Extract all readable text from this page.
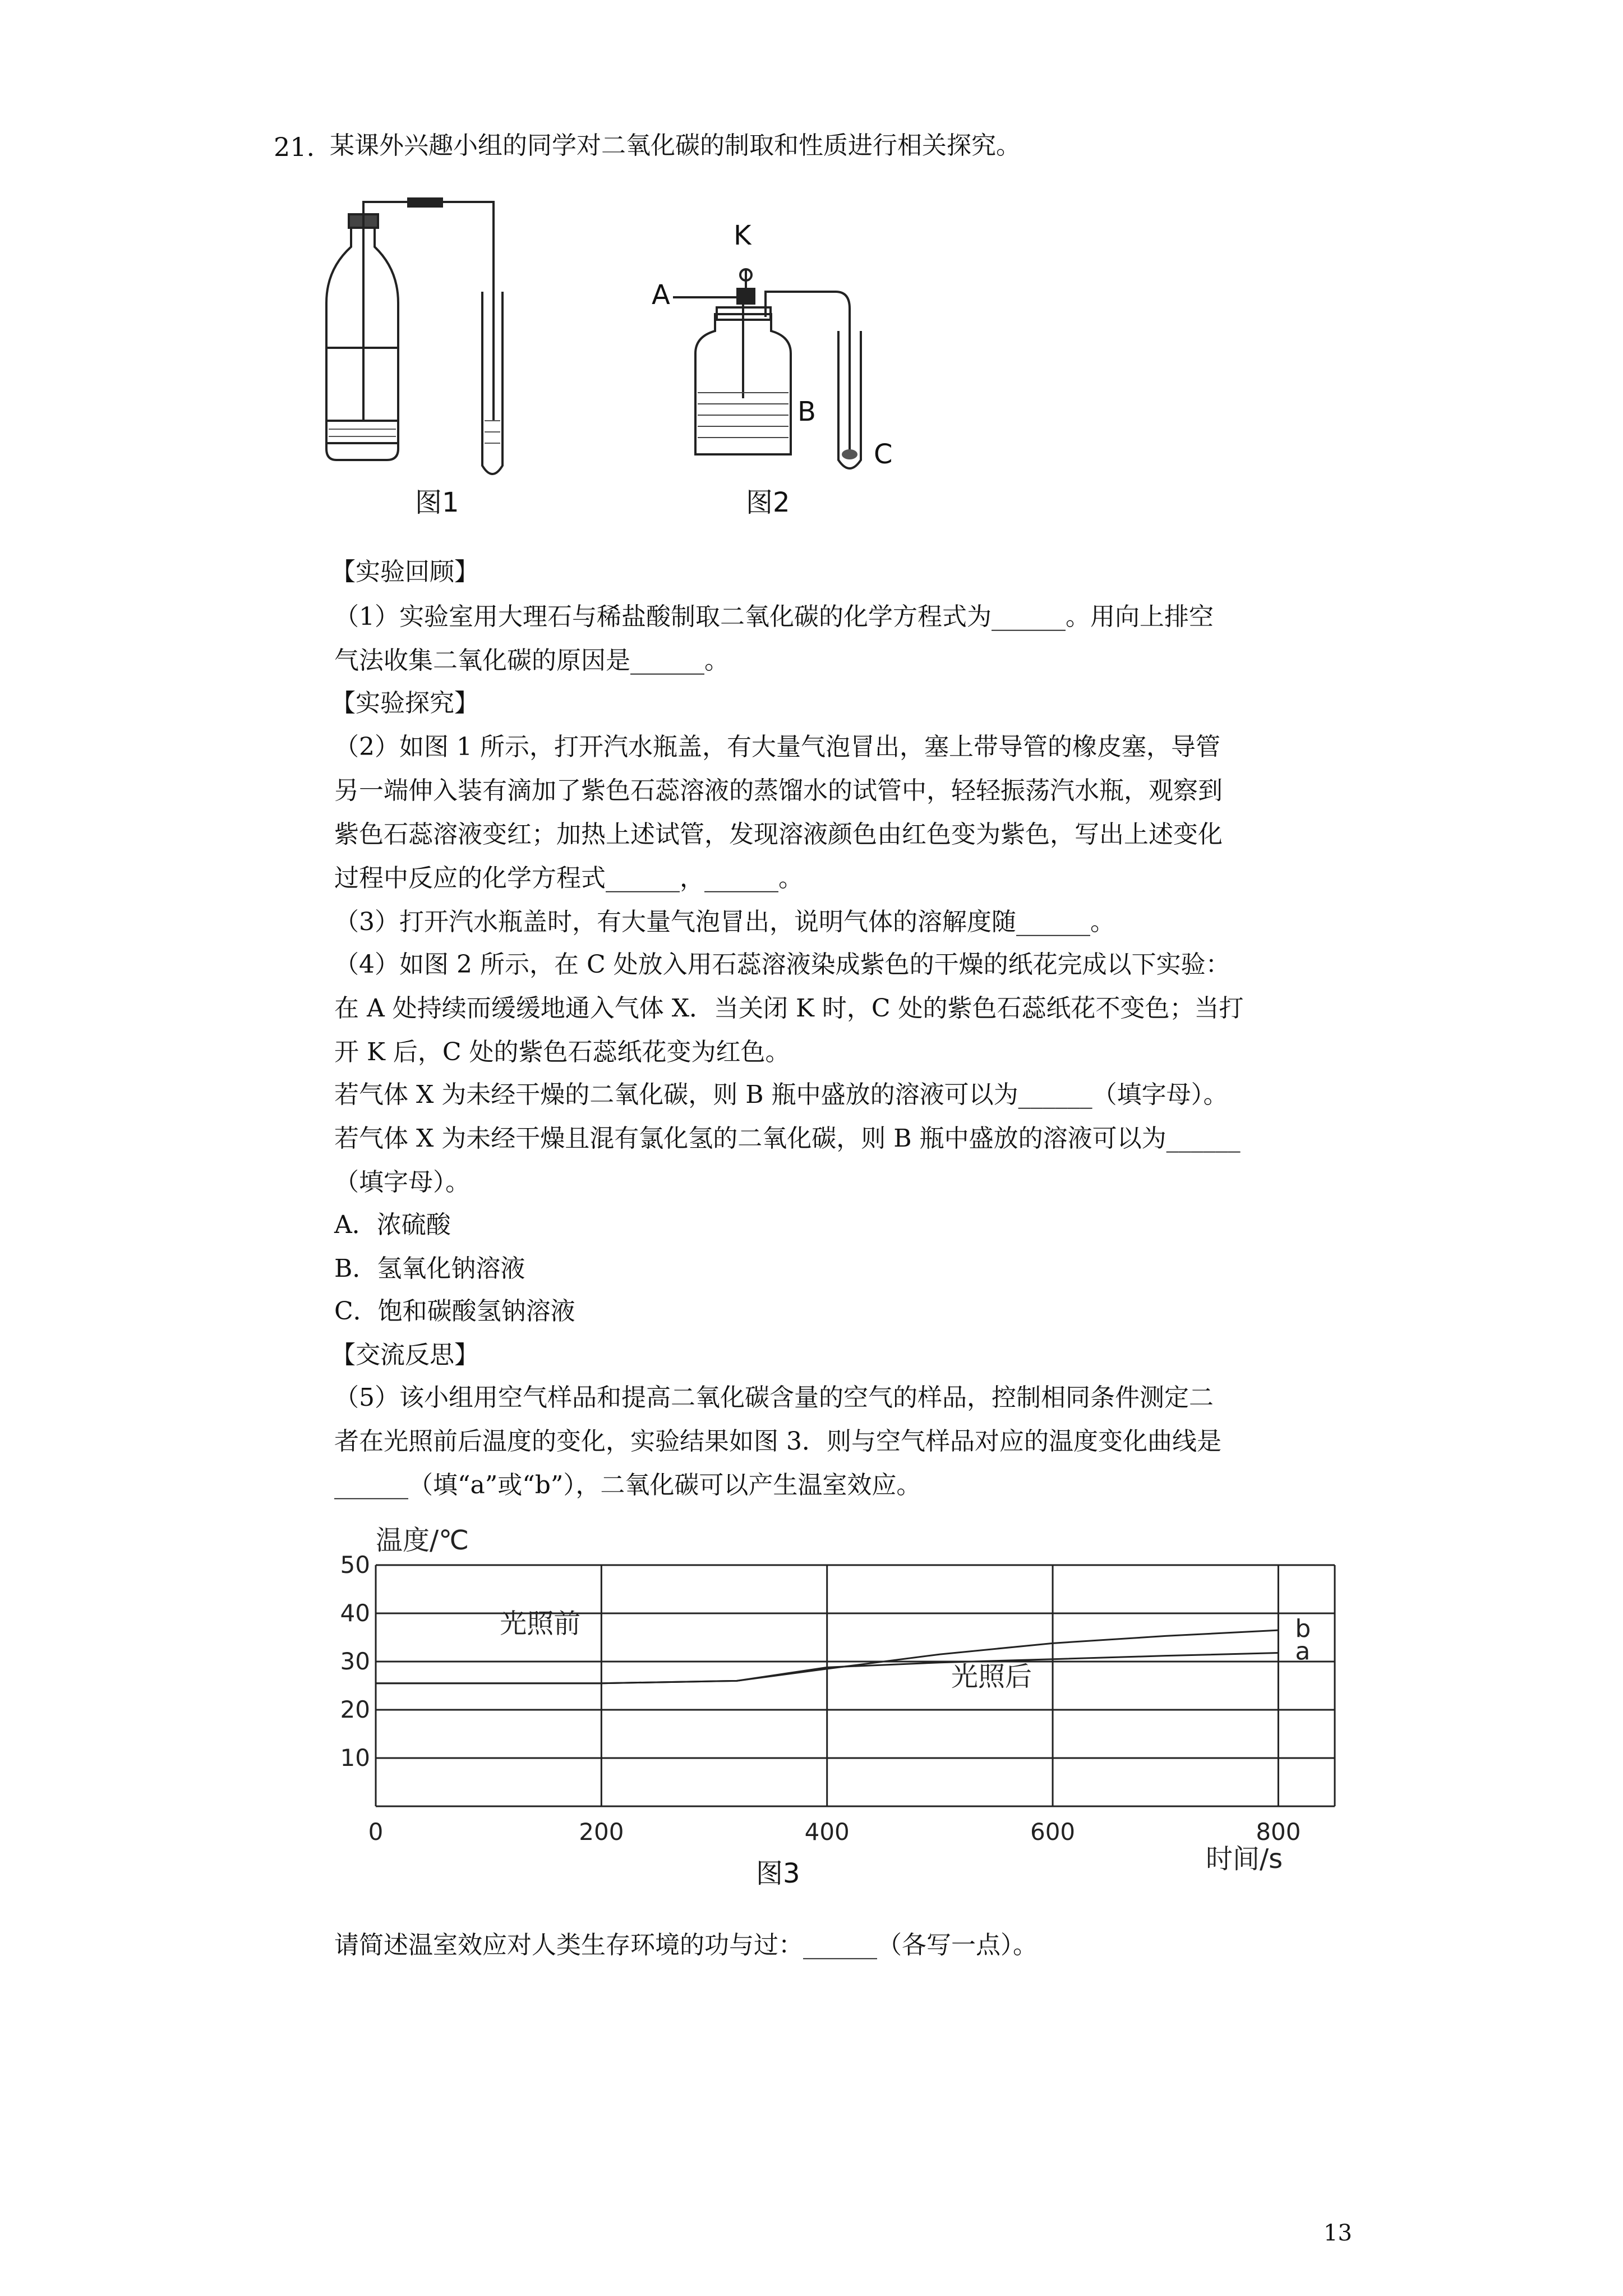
21. 某课外兴趣小组的同学对二氧化碳的制取和性质进行相关探究。
图1
K
A
B
C
图2
【实验回顾】
（1）实验室用大理石与稀盐酸制取二氧化碳的化学方程式为______。用向上排空
气法收集二氧化碳的原因是______。
【实验探究】
（2）如图 1 所示，打开汽水瓶盖，有大量气泡冒出，塞上带导管的橡皮塞，导管
另一端伸入装有滴加了紫色石蕊溶液的蒸馏水的试管中，轻轻振荡汽水瓶，观察到
紫色石蕊溶液变红；加热上述试管，发现溶液颜色由红色变为紫色，写出上述变化
过程中反应的化学方程式______，______。
（3）打开汽水瓶盖时，有大量气泡冒出，说明气体的溶解度随______。
（4）如图 2 所示，在 C 处放入用石蕊溶液染成紫色的干燥的纸花完成以下实验：
在 A 处持续而缓缓地通入气体 X．当关闭 K 时，C 处的紫色石蕊纸花不变色；当打
开 K 后，C 处的紫色石蕊纸花变为红色。
若气体 X 为未经干燥的二氧化碳，则 B 瓶中盛放的溶液可以为______（填字母）。
若气体 X 为未经干燥且混有氯化氢的二氧化碳，则 B 瓶中盛放的溶液可以为______
（填字母）。
A．浓硫酸
B．氢氧化钠溶液
C．饱和碳酸氢钠溶液
【交流反思】
（5）该小组用空气样品和提高二氧化碳含量的空气的样品，控制相同条件测定二
者在光照前后温度的变化，实验结果如图 3．则与空气样品对应的温度变化曲线是
______（填“a”或“b”），二氧化碳可以产生温室效应。
温度/℃
10
20
30
40
50
0	200	400	600	800
b
a
光照前
光照后
时间/s
图3
请简述温室效应对人类生存环境的功与过：______（各写一点）。
13
